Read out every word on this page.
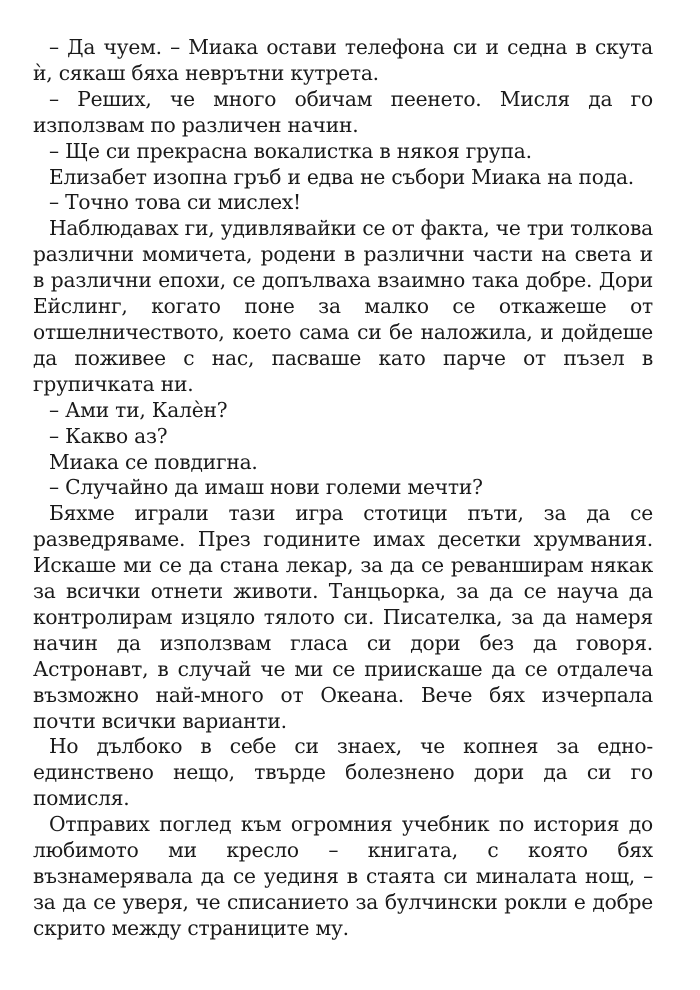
– Да чуем. – Миака остави телефона си и седна в скута ѝ, сякаш бяха неврътни кутрета.

– Реших, че много обичам пеенето. Мисля да го използвам по различен начин.

– Ще си прекрасна вокалистка в някоя група.

Елизабет изопна гръб и едва не събори Миака на пода.

– Точно това си мислех!

Наблюдавах ги, удивлявайки се от факта, че три толкова различни момичета, родени в различни части на света и в различни епохи, се допълваха взаимно така добре. Дори Ейслинг, когато поне за малко се откажеше от отшелничеството, което сама си бе наложила, и дойдеше да поживее с нас, пасваше като парче от пъзел в групичката ни.

– Ами ти, Калѐн?

– Какво аз?

Миака се повдигна.

– Случайно да имаш нови големи мечти?

Бяхме играли тази игра стотици пъти, за да се разведряваме. През годините имах десетки хрумвания. Искаше ми се да стана лекар, за да се реванширам някак за всички отнети животи. Танцьорка, за да се науча да контролирам изцяло тялото си. Писателка, за да намеря начин да използвам гласа си дори без да говоря. Астронавт, в случай че ми се приискаше да се отдалеча възможно най-много от Океана. Вече бях изчерпала почти всички варианти.

Но дълбоко в себе си знаех, че копнея за едно-единствено нещо, твърде болезнено дори да си го помисля.

Отправих поглед към огромния учебник по история до любимото ми кресло – книгата, с която бях възнамерявала да се уединя в стаята си миналата нощ, – за да се уверя, че списанието за булчински рокли е добре скрито между страниците му.
